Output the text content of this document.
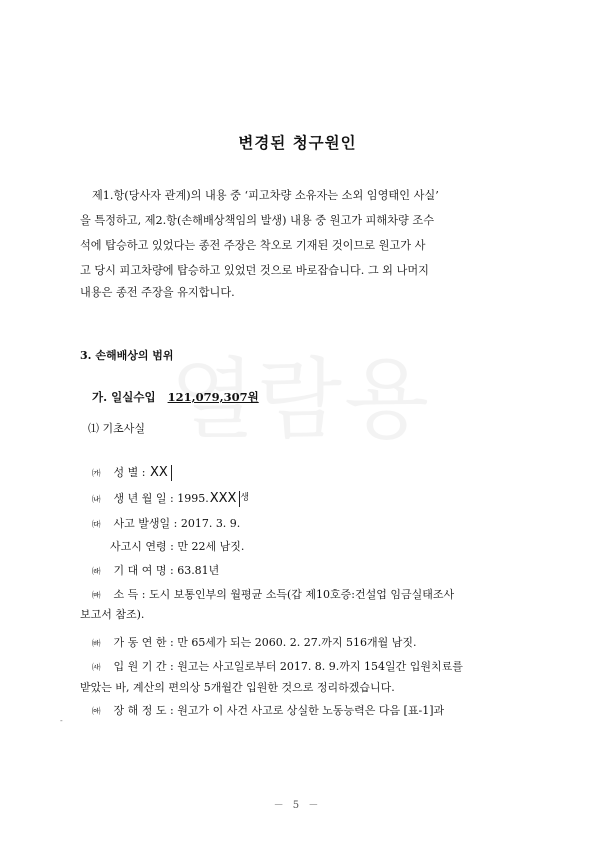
변경된 청구원인
제1.항(당사자 관계)의 내용 중 ‘피고차량 소유자는 소외 임영태인 사실’
을 특정하고, 제2.항(손해배상책임의 발생) 내용 중 원고가 피해차량 조수
석에 탑승하고 있었다는 종전 주장은 착오로 기재된 것이므로 원고가 사
고 당시 피고차량에 탑승하고 있었던 것으로 바로잡습니다. 그 외 나머지
내용은 종전 주장을 유지합니다.
3. 손해배상의 범위
가. 일실수입 121,079,307원
⑴ 기초사실
㈎ 성 별 : XX
㈏ 생 년 월 일 : 1995.XXX $^생$
㈐ 사고 발생일 : 2017. 3. 9.
사고시 연령 : 만 22세 남짓.
㈑ 기 대 여 명 : 63.81년
㈒ 소 득 : 도시 보통인부의 월평균 소득(갑 제10호증:건설업 임금실태조사
보고서 참조).
㈓ 가 동 연 한 : 만 65세가 되는 2060. 2. 27.까지 516개월 남짓.
㈔ 입 원 기 간 : 원고는 사고일로부터 2017. 8. 9.까지 154일간 입원치료를
받았는 바, 계산의 편의상 5개월간 입원한 것으로 정리하겠습니다.
㈕ 장 해 정 도 : 원고가 이 사건 사고로 상실한 노동능력은 다음 [표-1]과
-
－ 5 －
